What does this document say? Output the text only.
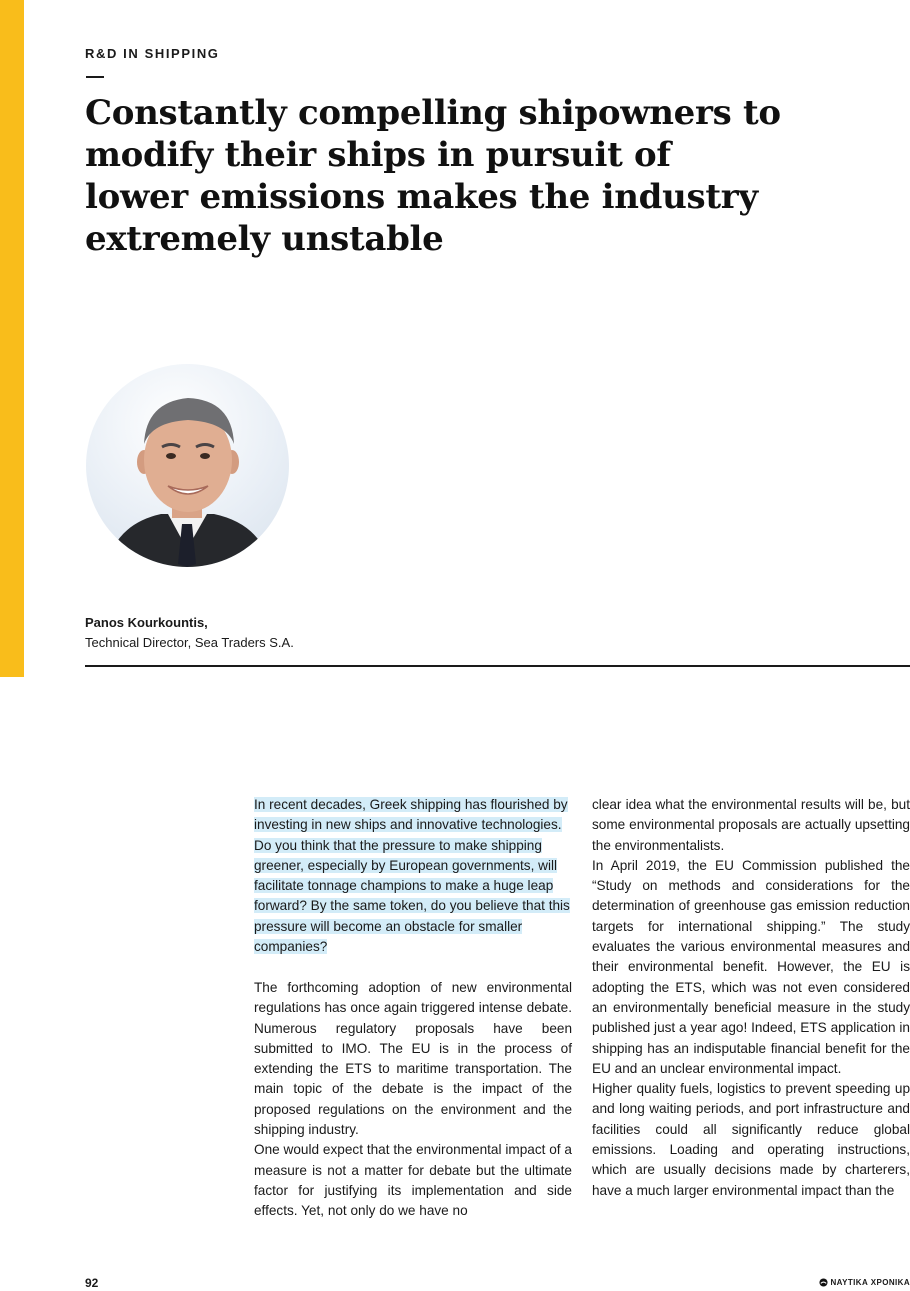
R&D IN SHIPPING
Constantly compelling shipowners to modify their ships in pursuit of lower emissions makes the industry extremely unstable
Panos Kourkountis,
Technical Director, Sea Traders S.A.

In recent decades, Greek shipping has flourished by investing in new ships and innovative technologies. Do you think that the pressure to make shipping greener, especially by European governments, will facilitate tonnage champions to make a huge leap forward? By the same token, do you believe that this pressure will become an obstacle for smaller companies?

The forthcoming adoption of new environmental regulations has once again triggered intense debate. Numerous regulatory proposals have been submitted to IMO. The EU is in the process of extending the ETS to maritime transportation. The main topic of the debate is the impact of the proposed regulations on the environment and the shipping industry.

One would expect that the environmental impact of a measure is not a matter for debate but the ultimate factor for justifying its implementation and side effects. Yet, not only do we have no

clear idea what the environmental results will be, but some environmental proposals are actually upsetting the environmentalists.

In April 2019, the EU Commission published the “Study on methods and considerations for the determination of greenhouse gas emission reduction targets for international shipping.” The study evaluates the various environmental measures and their environmental benefit. However, the EU is adopting the ETS, which was not even considered an environmentally beneficial measure in the study published just a year ago! Indeed, ETS application in shipping has an indisputable financial benefit for the EU and an unclear environmental impact.

Higher quality fuels, logistics to prevent speeding up and long waiting periods, and port infrastructure and facilities could all significantly reduce global emissions. Loading and operating instructions, which are usually decisions made by charterers, have a much larger environmental impact than the

92	ΝΑΥΤΙΚΑ ΧΡΟΝΙΚΑ
